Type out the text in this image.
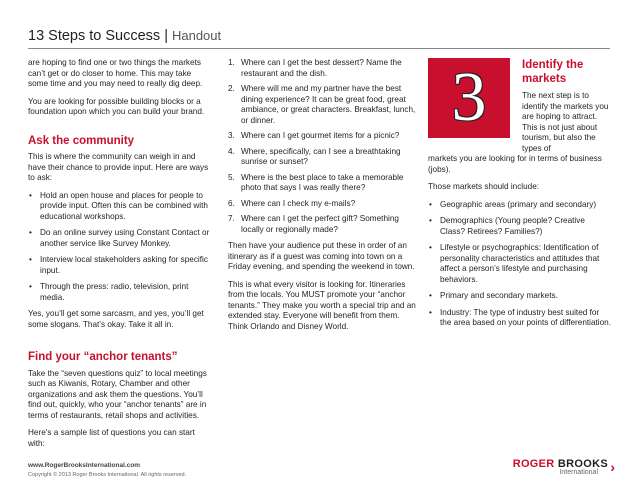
13 Steps to Success | Handout

are hoping to find one or two things the markets can’t get or do closer to home. This may take some time and you may need to really dig deep.

You are looking for possible building blocks or a foundation upon which you can build your brand.

Ask the community

This is where the community can weigh in and have their chance to provide input. Here are ways to ask:

• Hold an open house and places for people to provide input. Often this can be combined with educational workshops.
• Do an online survey using Constant Contact or another service like Survey Monkey.
• Interview local stakeholders asking for specific input.
• Through the press: radio, television, print media.

Yes, you’ll get some sarcasm, and yes, you’ll get some slogans. That’s okay. Take it all in.

Find your “anchor tenants”

Take the “seven questions quiz” to local meetings such as Kiwanis, Rotary, Chamber and other organizations and ask them the questions. You’ll find out, quickly, who your “anchor tenants” are in terms of restaurants, retail shops and activities.

Here’s a sample list of questions you can start with:

1. Where can I get the best dessert? Name the restaurant and the dish.
2. Where will me and my partner have the best dining experience? It can be great food, great ambiance, or great characters. Breakfast, lunch, or dinner.
3. Where can I get gourmet items for a picnic?
4. Where, specifically, can I see a breathtaking sunrise or sunset?
5. Where is the best place to take a memorable photo that says I was really there?
6. Where can I check my e-mails?
7. Where can I get the perfect gift? Something locally or regionally made?

Then have your audience put these in order of an itinerary as if a guest was coming into town on a Friday evening, and spending the weekend in town.

This is what every visitor is looking for. Itineraries from the locals. You MUST promote your “anchor tenants.” They make you worth a special trip and an extended stay. Everyone will benefit from them. Think Orlando and Disney World.

3	Identify the markets
The next step is to identify the markets you are hoping to attract. This is not just about tourism, but also the types of

markets you are looking for in terms of business (jobs).

Those markets should include:

• Geographic areas (primary and secondary)
• Demographics (Young people? Creative Class? Retirees? Families?)
• Lifestyle or psychographics: Identification of personality characteristics and attitudes that affect a person’s lifestyle and purchasing behaviors.
• Primary and secondary markets.
• Industry: The type of industry best suited for the area based on your points of differentiation.
www.RogerBrooksInternational.com
Copyright © 2013 Roger Brooks International. All rights reserved.
ROGER BROOKS
International ›
